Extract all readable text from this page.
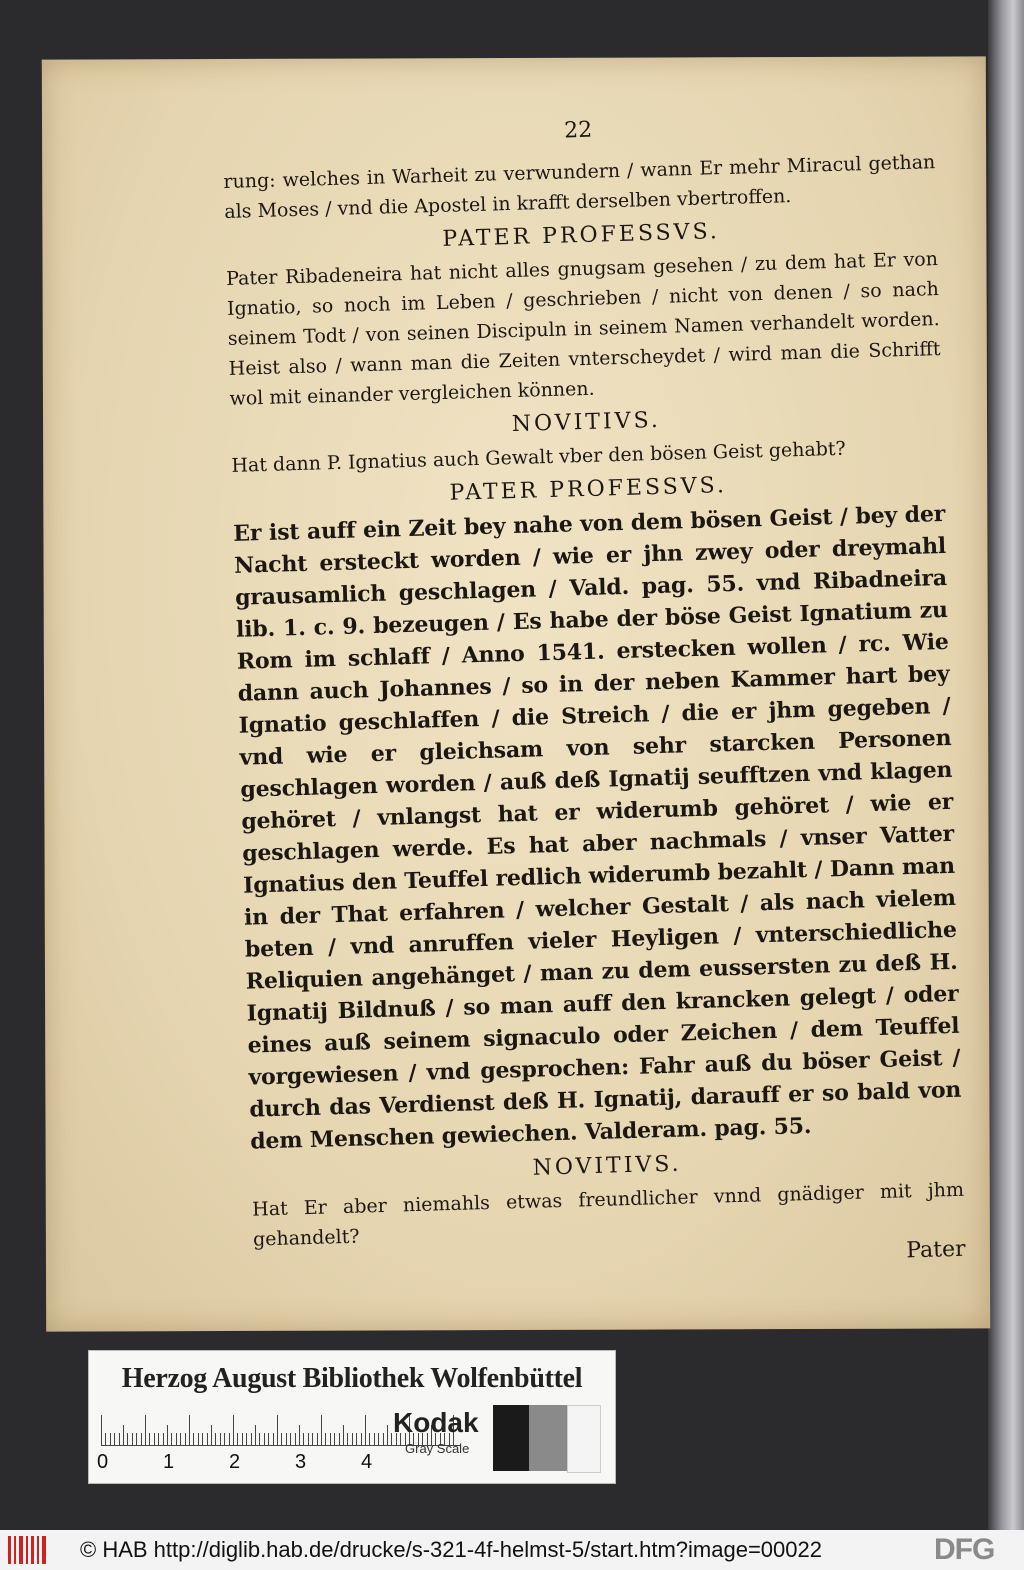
22

rung: welches in Warheit zu verwundern / wann Er mehr Miracul gethan als Moses / vnd die Apostel in krafft derselben vbertroffen.

PATER PROFESSVS.

Pater Ribadeneira hat nicht alles gnugsam gesehen / zu dem hat Er von Ignatio, so noch im Leben / geschrieben / nicht von denen / so nach seinem Todt / von seinen Discipuln in seinem Namen verhandelt worden. Heist also / wann man die Zeiten vnterscheydet / wird man die Schrifft wol mit einander vergleichen können.

NOVITIVS.

Hat dann P. Ignatius auch Gewalt vber den bösen Geist gehabt?

PATER PROFESSVS.

Er ist auff ein Zeit bey nahe von dem bösen Geist / bey der Nacht ersteckt worden / wie er jhn zwey oder dreymahl grausamlich geschlagen / Vald. pag. 55. vnd Ribadneira lib. 1. c. 9. bezeugen / Es habe der böse Geist Ignatium zu Rom im schlaff / Anno 1541. erstecken wollen / rc. Wie dann auch Johannes / so in der neben Kammer hart bey Ignatio geschlaffen / die Streich / die er jhm gegeben / vnd wie er gleichsam von sehr starcken Personen geschlagen worden / auß deß Ignatij seufftzen vnd klagen gehöret / vnlangst hat er widerumb gehöret / wie er geschlagen werde. Es hat aber nachmals / vnser Vatter Ignatius den Teuffel redlich widerumb bezahlt / Dann man in der That erfahren / welcher Gestalt / als nach vielem beten / vnd anruffen vieler Heyligen / vnterschiedliche Reliquien angehänget / man zu dem eussersten zu deß H. Ignatij Bildnuß / so man auff den krancken gelegt / oder eines auß seinem signaculo oder Zeichen / dem Teuffel vorgewiesen / vnd gesprochen: Fahr auß du böser Geist / durch das Verdienst deß H. Ignatij, darauff er so bald von dem Menschen gewiechen. Valderam. pag. 55.

NOVITIVS.

Hat Er aber niemahls etwas freundlicher vnnd gnädiger mit jhm gehandelt?	Pater
Herzog August Bibliothek Wolfenbüttel
0	1	2	3	4
Kodak
Gray Scale
© HAB http://diglib.hab.de/drucke/s-321-4f-helmst-5/start.htm?image=00022	DFG
